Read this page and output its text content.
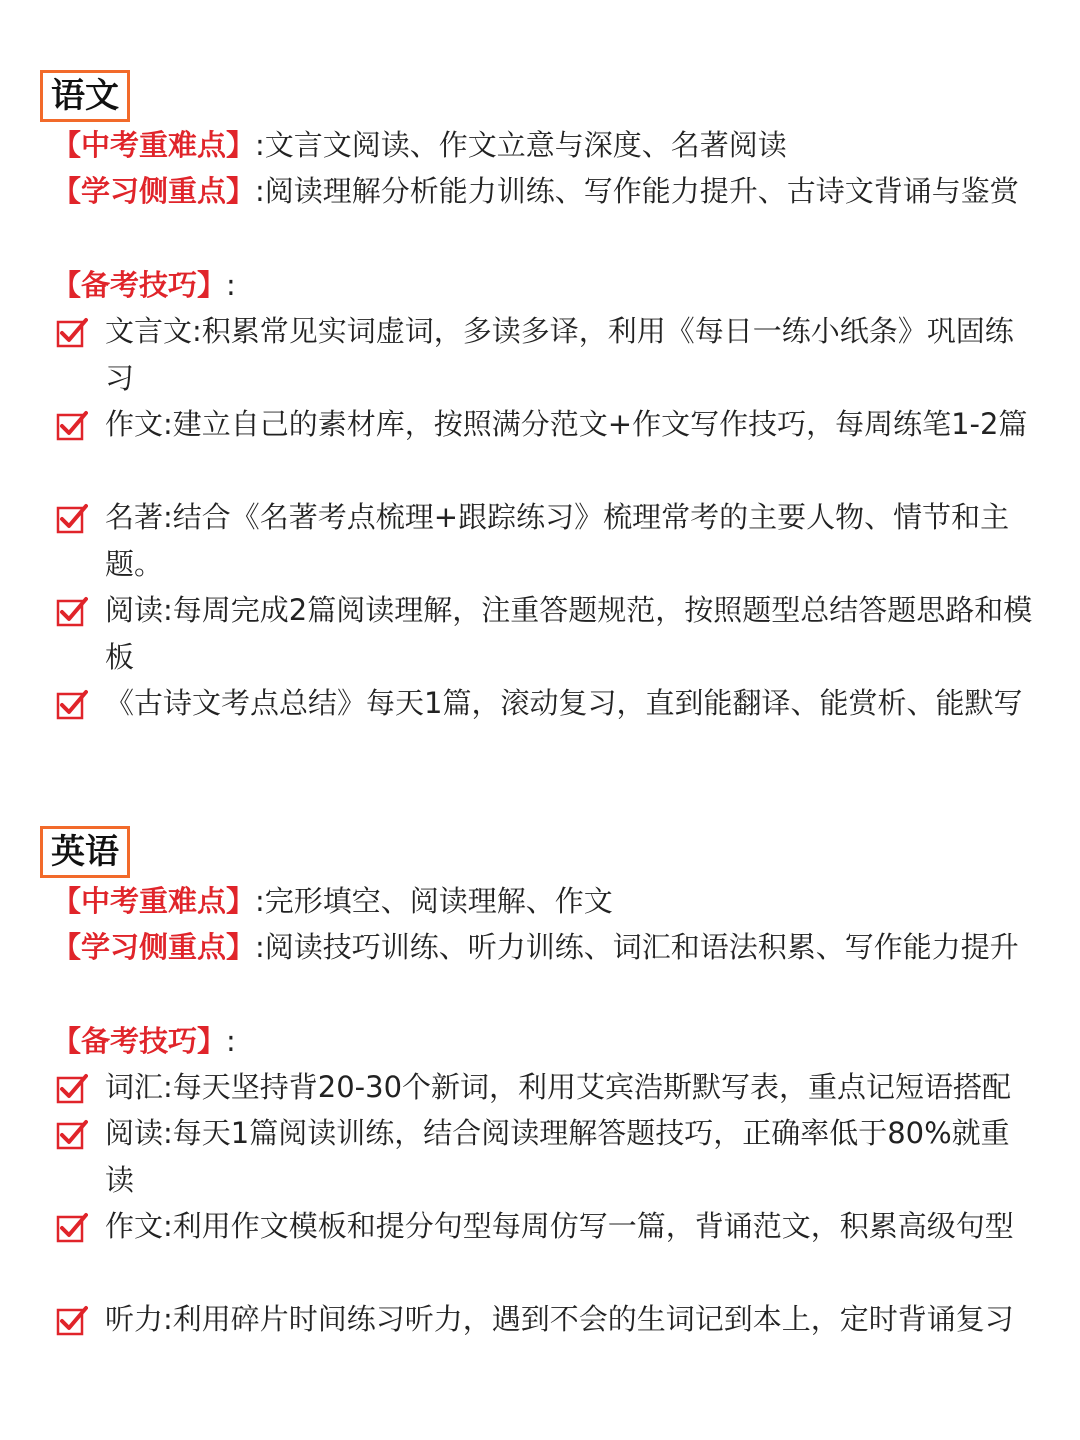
语文
【中考重难点】:文言文阅读、作文立意与深度、名著阅读
【学习侧重点】:阅读理解分析能力训练、写作能力提升、古诗文背诵与鉴赏
【备考技巧】:
文言文:积累常见实词虚词，多读多译，利用《每日一练小纸条》巩固练习
作文:建立自己的素材库，按照满分范文+作文写作技巧，每周练笔1-2篇
名著:结合《名著考点梳理+跟踪练习》梳理常考的主要人物、情节和主题。
阅读:每周完成2篇阅读理解，注重答题规范，按照题型总结答题思路和模板
《古诗文考点总结》每天1篇，滚动复习，直到能翻译、能赏析、能默写
英语
【中考重难点】:完形填空、阅读理解、作文
【学习侧重点】:阅读技巧训练、听力训练、词汇和语法积累、写作能力提升
【备考技巧】:
词汇:每天坚持背20-30个新词，利用艾宾浩斯默写表，重点记短语搭配
阅读:每天1篇阅读训练，结合阅读理解答题技巧，正确率低于80%就重读
作文:利用作文模板和提分句型每周仿写一篇，背诵范文，积累高级句型
听力:利用碎片时间练习听力，遇到不会的生词记到本上，定时背诵复习
